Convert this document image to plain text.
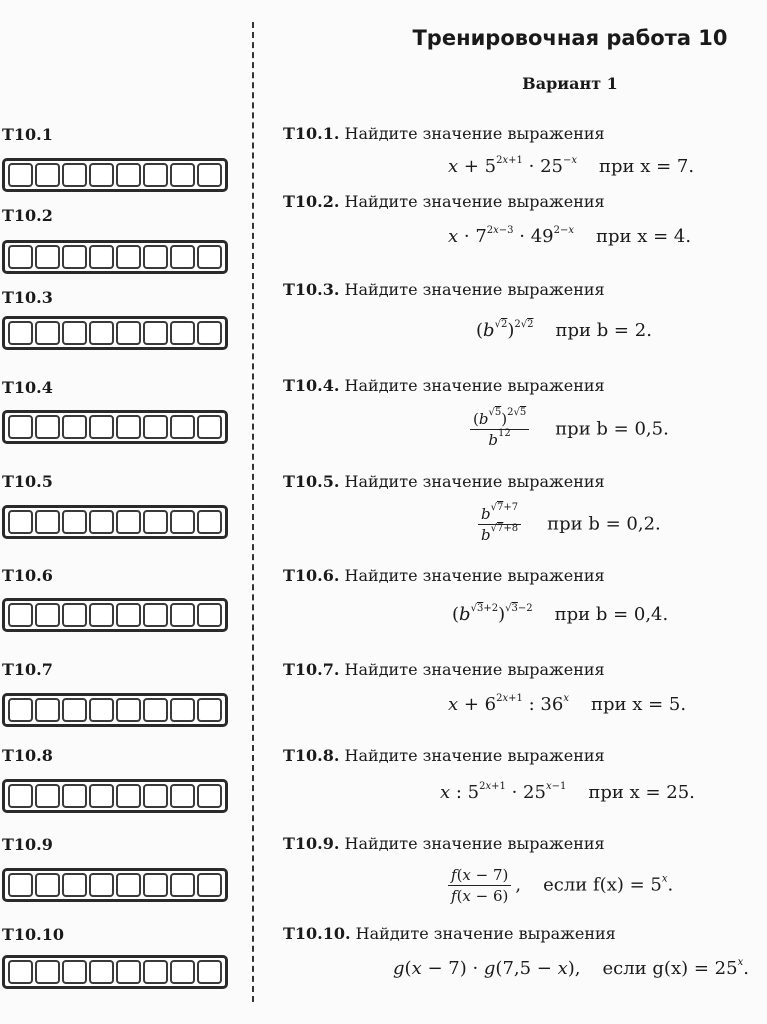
Тренировочная работа 10
Вариант 1
T10.1
T10.2
T10.3
T10.4
T10.5
T10.6
T10.7
T10.8
T10.9
T10.10
T10.1. Найдите значение выражения
$x + 5^{2x+1} \cdot 25^{-x}$ при x = 7.
T10.2. Найдите значение выражения
$x \cdot 7^{2x-3} \cdot 49^{2-x}$ при x = 4.
T10.3. Найдите значение выражения
$(b^{√2})^{2√2}$ при b = 2.
T10.4. Найдите значение выражения
$\frac{(b^{√5})^{2√5}}{b^{12}}$ при b = 0,5.
T10.5. Найдите значение выражения
$\frac{b^{√7+7}}{b^{√7+8}}$ при b = 0,2.
T10.6. Найдите значение выражения
$(b^{√3+2})^{√3-2}$ при b = 0,4.
T10.7. Найдите значение выражения
$x + 6^{2x+1}$ : 36$^x$ при x = 5.
T10.8. Найдите значение выражения
x : $5^{2x+1} \cdot 25^{x-1}$ при x = 25.
T10.9. Найдите значение выражения
$\frac{f(x - 7)}{f(x - 6)}$ , если $f(x) = 5^x$.
T10.10. Найдите значение выражения
g(x − 7) · g(7,5 − x), если $g(x) = 25^x$.
